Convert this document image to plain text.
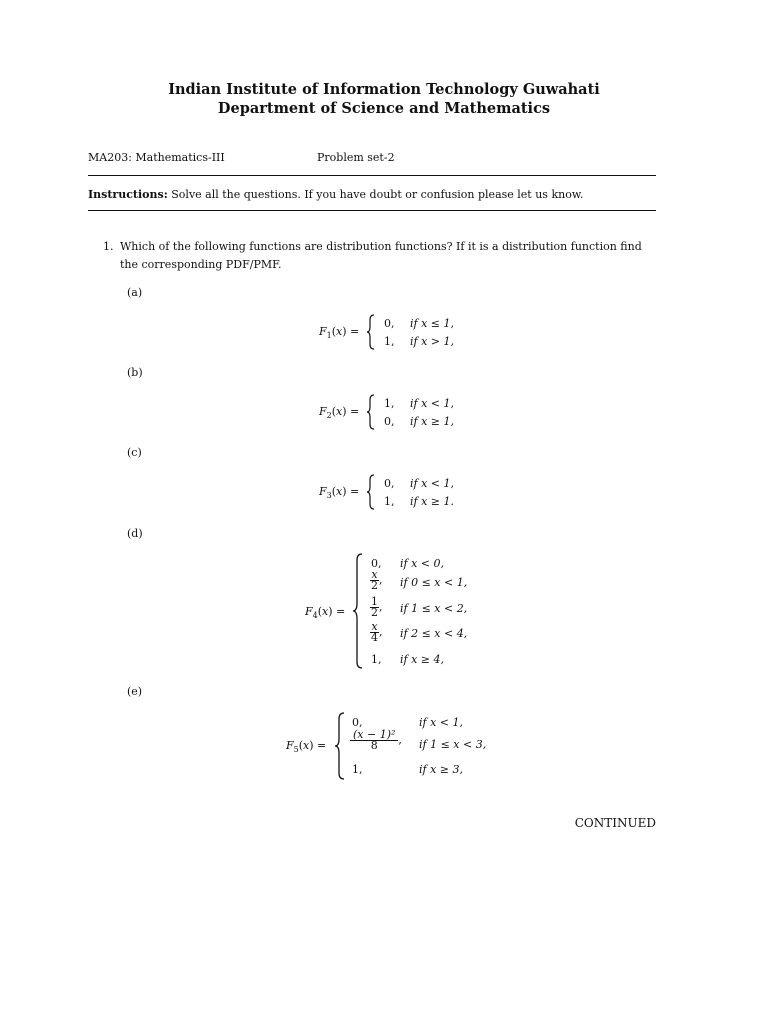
Indian Institute of Information Technology Guwahati
Department of Science and Mathematics
MA203: Mathematics-III	Problem set-2
Instructions: Solve all the questions. If you have doubt or confusion please let us know.
1. Which of the following functions are distribution functions? If it is a distribution function find
the corresponding PDF/PMF.
(a)
$F_1(x)$ =
0, if x ≤ 1,
1, if x > 1,
(b)
$F_2(x)$ =
1, if x < 1,
0, if x ≥ 1,
(c)
$F_3(x)$ =
0, if x < 1,
1, if x ≥ 1.
(d)
$F_4(x)$ =
0, if x < 0,
$\frac{x}{2}$ , if 0 ≤ x < 1,
$\frac{1}{2}$ , if 1 ≤ x < 2,
$\frac{x}{4}$ , if 2 ≤ x < 4,
1, if x ≥ 4,
(e)
$F_5(x)$ =
0,	if x < 1,
$\frac{\text{(x − 1)²}}{8}$ , if 1 ≤ x < 3,
1,	if x ≥ 3,
CONTINUED
